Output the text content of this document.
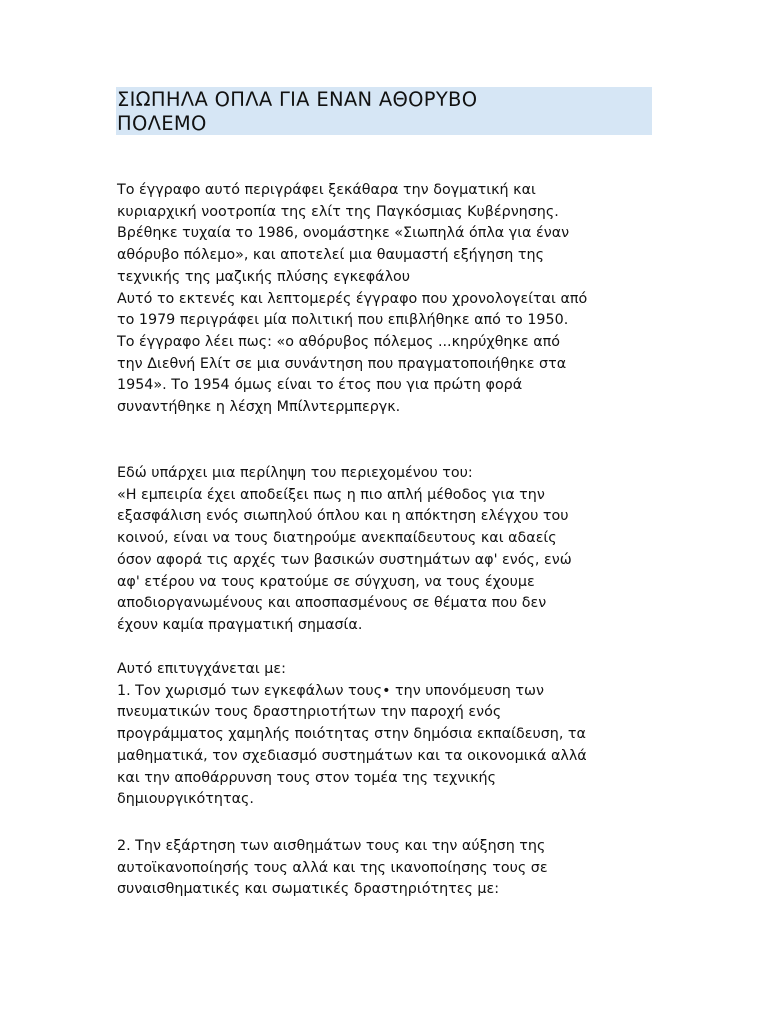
ΣΙΩΠΗΛΑ ΟΠΛΑ ΓΙΑ ΕΝΑΝ ΑΘΟΡΥΒΟ
ΠΟΛΕΜΟ

Το έγγραφο αυτό περιγράφει ξεκάθαρα την δογματική και

κυριαρχική νοοτροπία της ελίτ της Παγκόσμιας Κυβέρνησης.

Βρέθηκε τυχαία το 1986, ονομάστηκε «Σιωπηλά όπλα για έναν

αθόρυβο πόλεμο», και αποτελεί μια θαυμαστή εξήγηση της

τεχνικής της μαζικής πλύσης εγκεφάλου

Αυτό το εκτενές και λεπτομερές έγγραφο που χρονολογείται από

το 1979 περιγράφει μία πολιτική που επιβλήθηκε από το 1950.

Το έγγραφο λέει πως: «ο αθόρυβος πόλεμος ...κηρύχθηκε από

την Διεθνή Ελίτ σε μια συνάντηση που πραγματοποιήθηκε στα

1954». Το 1954 όμως είναι το έτος που για πρώτη φορά

συναντήθηκε η λέσχη Μπίλντερμπεργκ.

Εδώ υπάρχει μια περίληψη του περιεχομένου του:

«Η εμπειρία έχει αποδείξει πως η πιο απλή μέθοδος για την

εξασφάλιση ενός σιωπηλού όπλου και η απόκτηση ελέγχου του

κοινού, είναι να τους διατηρούμε ανεκπαίδευτους και αδαείς

όσον αφορά τις αρχές των βασικών συστημάτων αφ' ενός, ενώ

αφ' ετέρου να τους κρατούμε σε σύγχυση, να τους έχουμε

αποδιοργανωμένους και αποσπασμένους σε θέματα που δεν

έχουν καμία πραγματική σημασία.

Αυτό επιτυγχάνεται με:

1. Τον χωρισμό των εγκεφάλων τους• την υπονόμευση των

πνευματικών τους δραστηριοτήτων την παροχή ενός

προγράμματος χαμηλής ποιότητας στην δημόσια εκπαίδευση, τα

μαθηματικά, τον σχεδιασμό συστημάτων και τα οικονομικά αλλά

και την αποθάρρυνση τους στον τομέα της τεχνικής

δημιουργικότητας.

2. Την εξάρτηση των αισθημάτων τους και την αύξηση της

αυτοϊκανοποίησής τους αλλά και της ικανοποίησης τους σε

συναισθηματικές και σωματικές δραστηριότητες με:
